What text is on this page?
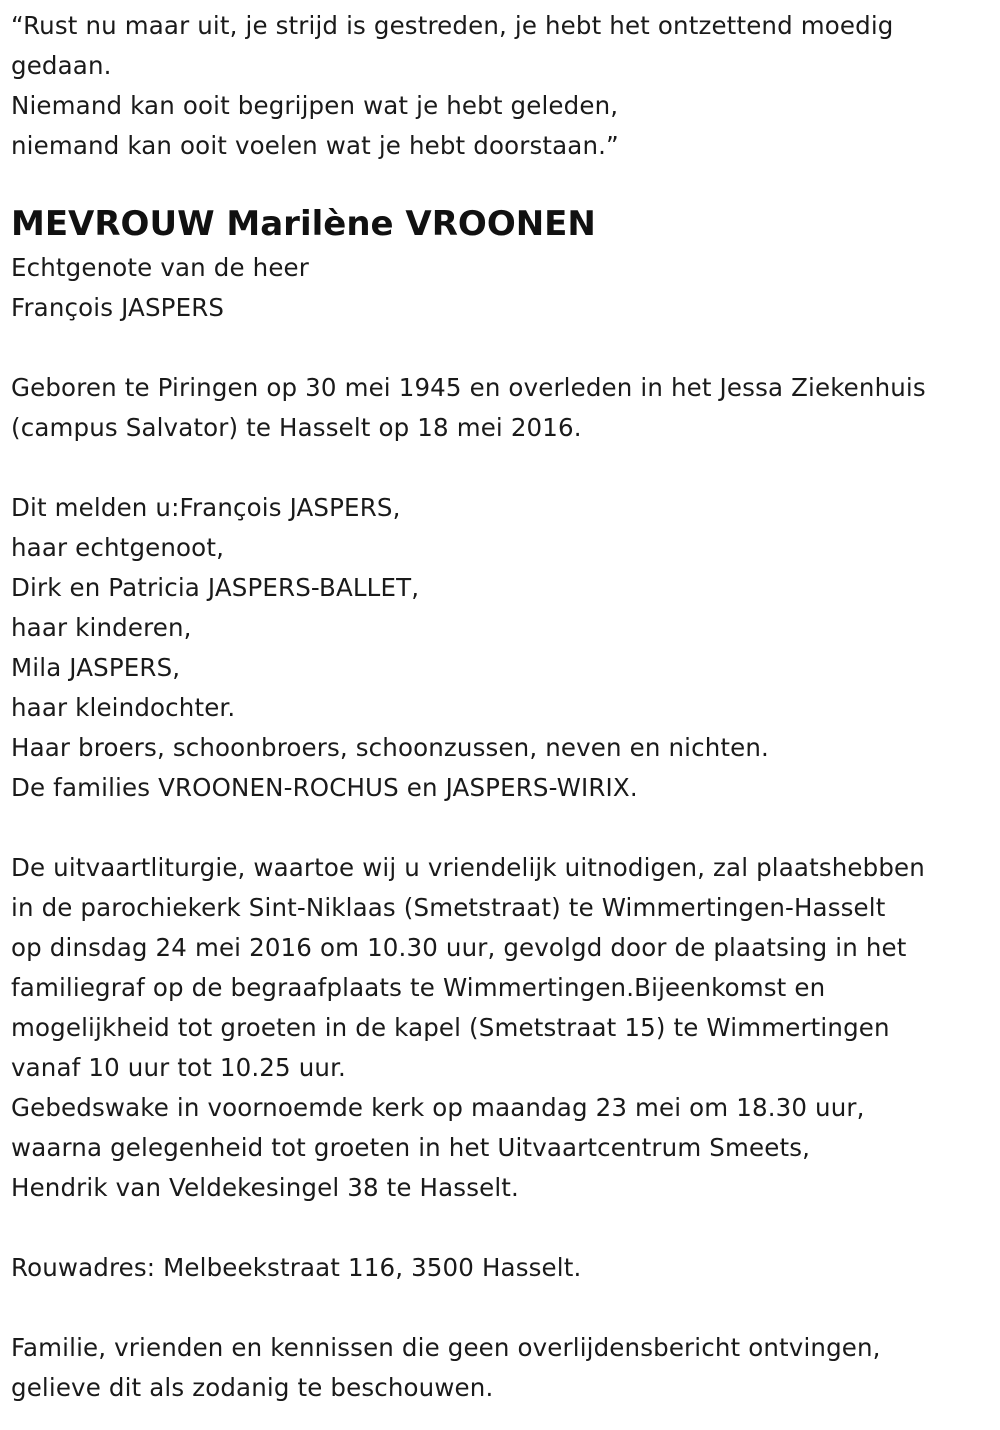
“Rust nu maar uit, je strijd is gestreden, je hebt het ontzettend moedig
gedaan.
Niemand kan ooit begrijpen wat je hebt geleden,
niemand kan ooit voelen wat je hebt doorstaan.”
MEVROUW Marilène VROONEN
Echtgenote van de heer
François JASPERS
Geboren te Piringen op 30 mei 1945 en overleden in het Jessa Ziekenhuis
(campus Salvator) te Hasselt op 18 mei 2016.
Dit melden u:François JASPERS,
haar echtgenoot,
Dirk en Patricia JASPERS-BALLET,
haar kinderen,
Mila JASPERS,
haar kleindochter.
Haar broers, schoonbroers, schoonzussen, neven en nichten.
De families VROONEN-ROCHUS en JASPERS-WIRIX.
De uitvaartliturgie, waartoe wij u vriendelijk uitnodigen, zal plaatshebben
in de parochiekerk Sint-Niklaas (Smetstraat) te Wimmertingen-Hasselt
op dinsdag 24 mei 2016 om 10.30 uur, gevolgd door de plaatsing in het
familiegraf op de begraafplaats te Wimmertingen.Bijeenkomst en
mogelijkheid tot groeten in de kapel (Smetstraat 15) te Wimmertingen
vanaf 10 uur tot 10.25 uur.
Gebedswake in voornoemde kerk op maandag 23 mei om 18.30 uur,
waarna gelegenheid tot groeten in het Uitvaartcentrum Smeets,
Hendrik van Veldekesingel 38 te Hasselt.
Rouwadres: Melbeekstraat 116, 3500 Hasselt.
Familie, vrienden en kennissen die geen overlijdensbericht ontvingen,
gelieve dit als zodanig te beschouwen.
